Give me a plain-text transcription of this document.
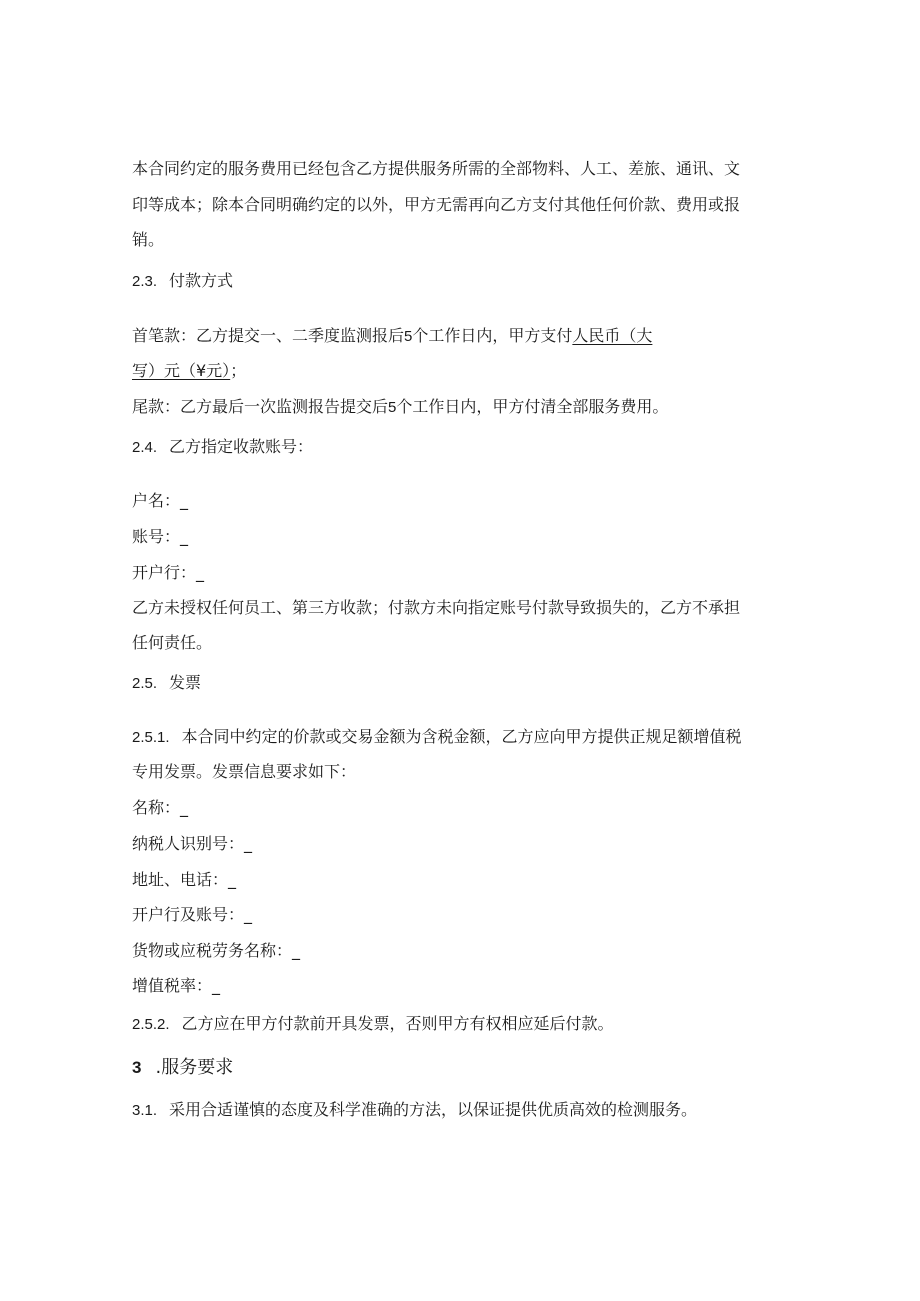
本合同约定的服务费用已经包含乙方提供服务所需的全部物料、人工、差旅、通讯、文
印等成本；除本合同明确约定的以外，甲方无需再向乙方支付其他任何价款、费用或报
销。
2.3. 付款方式
首笔款：乙方提交一、二季度监测报后5个工作日内，甲方支付人民币（大
写）元（¥元）；
尾款：乙方最后一次监测报告提交后5个工作日内，甲方付清全部服务费用。
2.4. 乙方指定收款账号：
户名：_
账号：_
开户行：_
乙方未授权任何员工、第三方收款；付款方未向指定账号付款导致损失的，乙方不承担
任何责任。
2.5. 发票
2.5.1. 本合同中约定的价款或交易金额为含税金额，乙方应向甲方提供正规足额增值税
专用发票。发票信息要求如下：
名称：_
纳税人识别号：_
地址、电话：_
开户行及账号：_
货物或应税劳务名称：_
增值税率：_
2.5.2. 乙方应在甲方付款前开具发票，否则甲方有权相应延后付款。
3 .服务要求
3.1. 采用合适谨慎的态度及科学准确的方法，以保证提供优质高效的检测服务。
